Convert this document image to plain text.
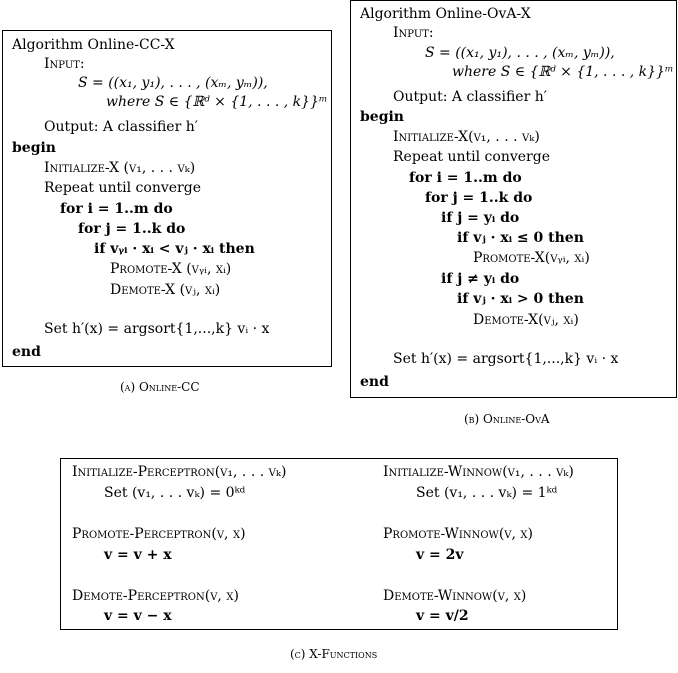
Algorithm Online-CC-X
Input:
S = ((x₁, y₁), . . . , (xₘ, yₘ)),
where S ∈ {ℝᵈ × {1, . . . , k}}ᵐ
Output: A classifier h′
begin
Initialize-X (v₁, . . . vₖ)
Repeat until converge
for i = 1..m do
for j = 1..k do
if vᵧᵢ · xᵢ < vⱼ · xᵢ then
Promote-X (vᵧᵢ, xᵢ)
Demote-X (vⱼ, xᵢ)
Set h′(x) = argsort{1,...,k} vᵢ · x
end
(a) Online-CC
Algorithm Online-OvA-X
Input:
S = ((x₁, y₁), . . . , (xₘ, yₘ)),
where S ∈ {ℝᵈ × {1, . . . , k}}ᵐ
Output: A classifier h′
begin
Initialize-X(v₁, . . . vₖ)
Repeat until converge
for i = 1..m do
for j = 1..k do
if j = yᵢ do
if vⱼ · xᵢ ≤ 0 then
Promote-X(vᵧᵢ, xᵢ)
if j ≠ yᵢ do
if vⱼ · xᵢ > 0 then
Demote-X(vⱼ, xᵢ)
Set h′(x) = argsort{1,...,k} vᵢ · x
end
(b) Online-OvA
Initialize-Perceptron(v₁, . . . vₖ)
Set (v₁, . . . vₖ) = 0ᵏᵈ
Initialize-Winnow(v₁, . . . vₖ)
Set (v₁, . . . vₖ) = 1ᵏᵈ
Promote-Perceptron(v, x)
v = v + x
Promote-Winnow(v, x)
v = 2v
Demote-Perceptron(v, x)
v = v − x
Demote-Winnow(v, x)
v = v/2
(c) X-Functions
